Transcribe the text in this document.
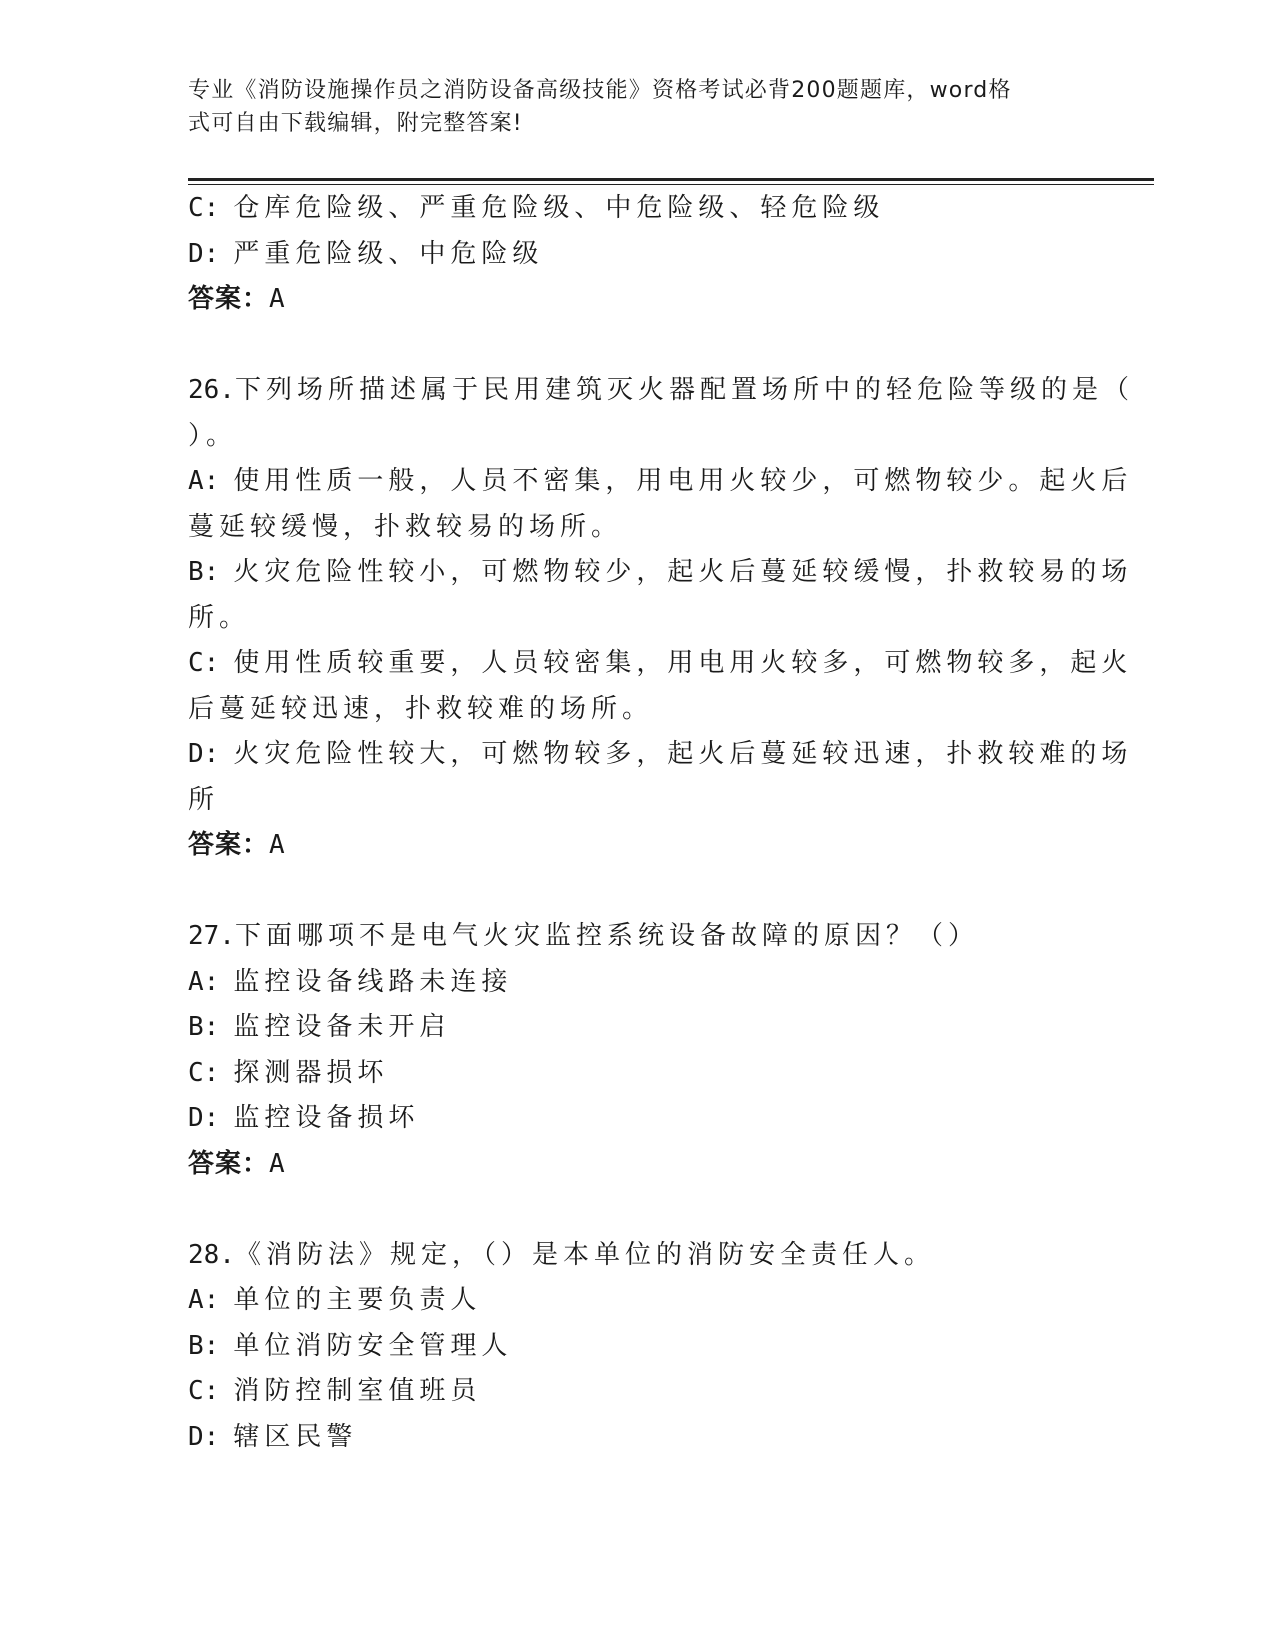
专业《消防设施操作员之消防设备高级技能》资格考试必背200题题库，word格
式可自由下载编辑，附完整答案!
C: 仓库危险级、严重危险级、中危险级、轻危险级
D: 严重危险级、中危险级
答案：A
26.下列场所描述属于民用建筑灭火器配置场所中的轻危险等级的是（
）。
A: 使用性质一般，人员不密集，用电用火较少，可燃物较少。起火后
蔓延较缓慢，扑救较易的场所。
B: 火灾危险性较小，可燃物较少，起火后蔓延较缓慢，扑救较易的场
所。
C: 使用性质较重要，人员较密集，用电用火较多，可燃物较多，起火
后蔓延较迅速，扑救较难的场所。
D: 火灾危险性较大，可燃物较多，起火后蔓延较迅速，扑救较难的场
所
答案：A
27.下面哪项不是电气火灾监控系统设备故障的原因？（）
A: 监控设备线路未连接
B: 监控设备未开启
C: 探测器损坏
D: 监控设备损坏
答案：A
28.《消防法》规定，（）是本单位的消防安全责任人。
A: 单位的主要负责人
B: 单位消防安全管理人
C: 消防控制室值班员
D: 辖区民警
